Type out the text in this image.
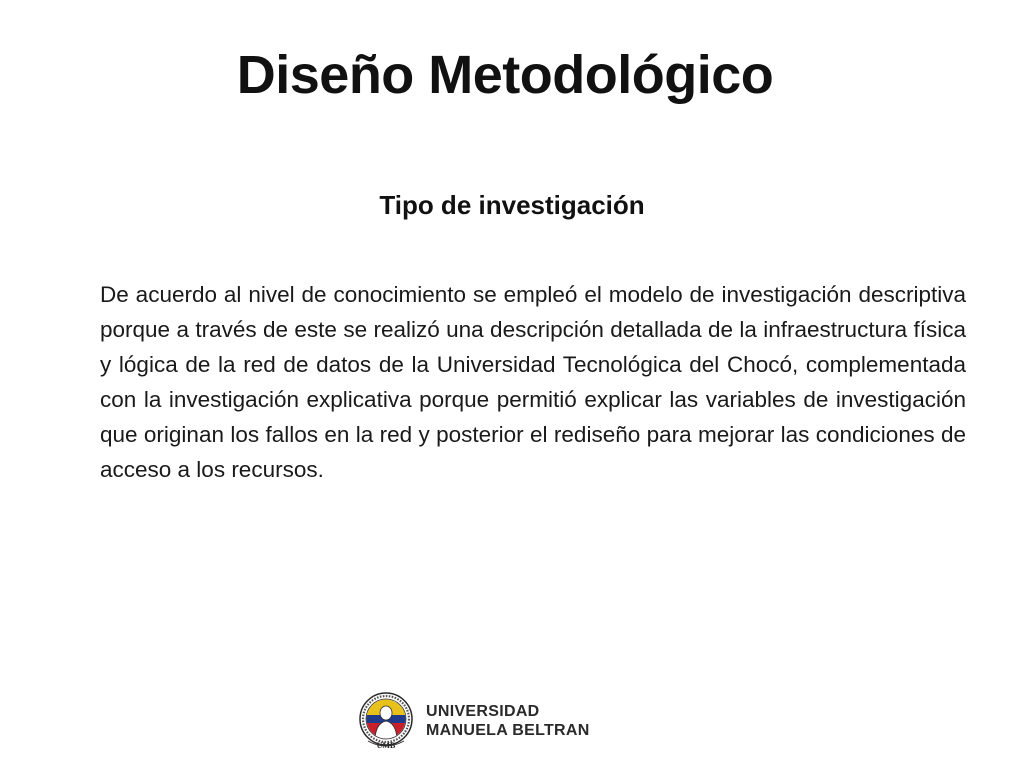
Diseño Metodológico
Tipo de investigación

De acuerdo al nivel de conocimiento se empleó el modelo de investigación descriptiva porque a través de este se realizó una descripción detallada de la infraestructura física y lógica de la red de datos de la Universidad Tecnológica del Chocó, complementada con la investigación explicativa porque permitió explicar las variables de investigación que originan los fallos en la red y posterior el rediseño para mejorar las condiciones de acceso a los recursos.

UMB
UNIVERSIDAD
MANUELA BELTRAN
